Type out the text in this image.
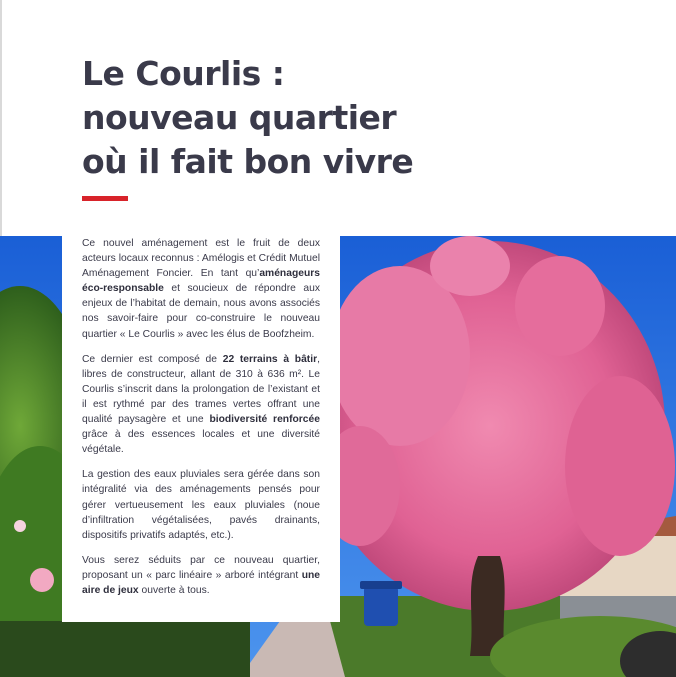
Le Courlis :
nouveau quartier
où il fait bon vivre

Ce nouvel aménagement est le fruit de deux acteurs locaux reconnus : Amélogis et Crédit Mutuel Aménagement Foncier. En tant qu’aménageurs éco-responsable et soucieux de répondre aux enjeux de l’habitat de demain, nous avons associés nos savoir-faire pour co-construire le nouveau quartier « Le Courlis » avec les élus de Boofzheim.

Ce dernier est composé de 22 terrains à bâtir, libres de constructeur, allant de 310 à 636 m². Le Courlis s’inscrit dans la prolongation de l’existant et il est rythmé par des trames vertes offrant une qualité paysagère et une biodiversité renforcée grâce à des essences locales et une diversité végétale.

La gestion des eaux pluviales sera gérée dans son intégralité via des aménagements pensés pour gérer vertueusement les eaux pluviales (noue d’infiltration végétalisées, pavés drainants, dispositifs privatifs adaptés, etc.).

Vous serez séduits par ce nouveau quartier, proposant un « parc linéaire » arboré intégrant une aire de jeux ouverte à tous.
